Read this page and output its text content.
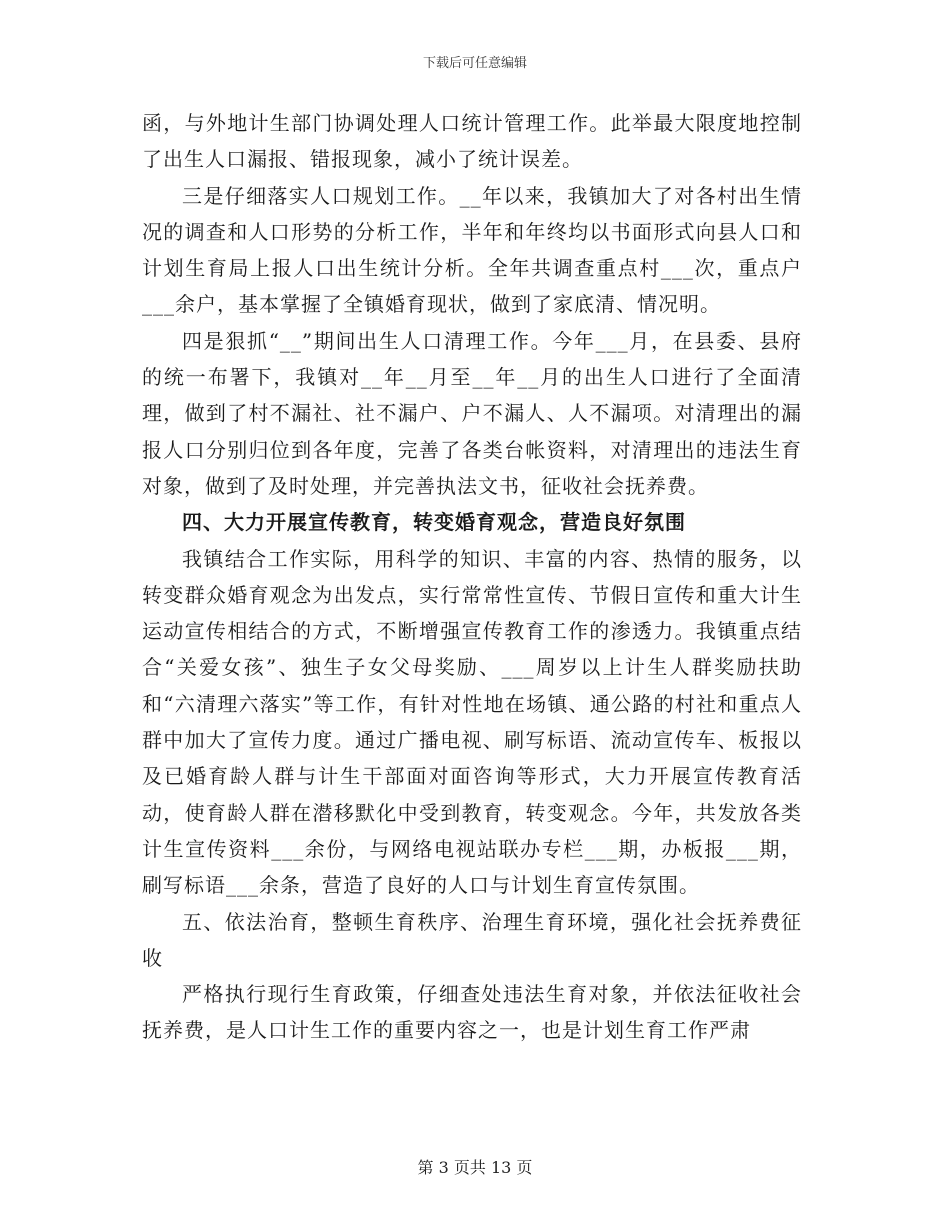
下载后可任意编辑

函，与外地计生部门协调处理人口统计管理工作。此举最大限度地控制了出生人口漏报、错报现象，减小了统计误差。

三是仔细落实人口规划工作。__年以来，我镇加大了对各村出生情况的调查和人口形势的分析工作，半年和年终均以书面形式向县人口和计划生育局上报人口出生统计分析。全年共调查重点村___次，重点户___余户，基本掌握了全镇婚育现状，做到了家底清、情况明。

四是狠抓“__”期间出生人口清理工作。今年___月，在县委、县府的统一布署下，我镇对__年__月至__年__月的出生人口进行了全面清理，做到了村不漏社、社不漏户、户不漏人、人不漏项。对清理出的漏报人口分别归位到各年度，完善了各类台帐资料，对清理出的违法生育对象，做到了及时处理，并完善执法文书，征收社会抚养费。

四、大力开展宣传教育，转变婚育观念，营造良好氛围

我镇结合工作实际，用科学的知识、丰富的内容、热情的服务，以转变群众婚育观念为出发点，实行常常性宣传、节假日宣传和重大计生运动宣传相结合的方式，不断增强宣传教育工作的渗透力。我镇重点结合“关爱女孩”、独生子女父母奖励、___周岁以上计生人群奖励扶助和“六清理六落实”等工作，有针对性地在场镇、通公路的村社和重点人群中加大了宣传力度。通过广播电视、刷写标语、流动宣传车、板报以及已婚育龄人群与计生干部面对面咨询等形式，大力开展宣传教育活动，使育龄人群在潜移默化中受到教育，转变观念。今年，共发放各类计生宣传资料___余份，与网络电视站联办专栏___期，办板报___期，刷写标语___余条，营造了良好的人口与计划生育宣传氛围。

五、依法治育，整顿生育秩序、治理生育环境，强化社会抚养费征收

严格执行现行生育政策，仔细查处违法生育对象，并依法征收社会抚养费，是人口计生工作的重要内容之一，也是计划生育工作严肃

第 3 页共 13 页
